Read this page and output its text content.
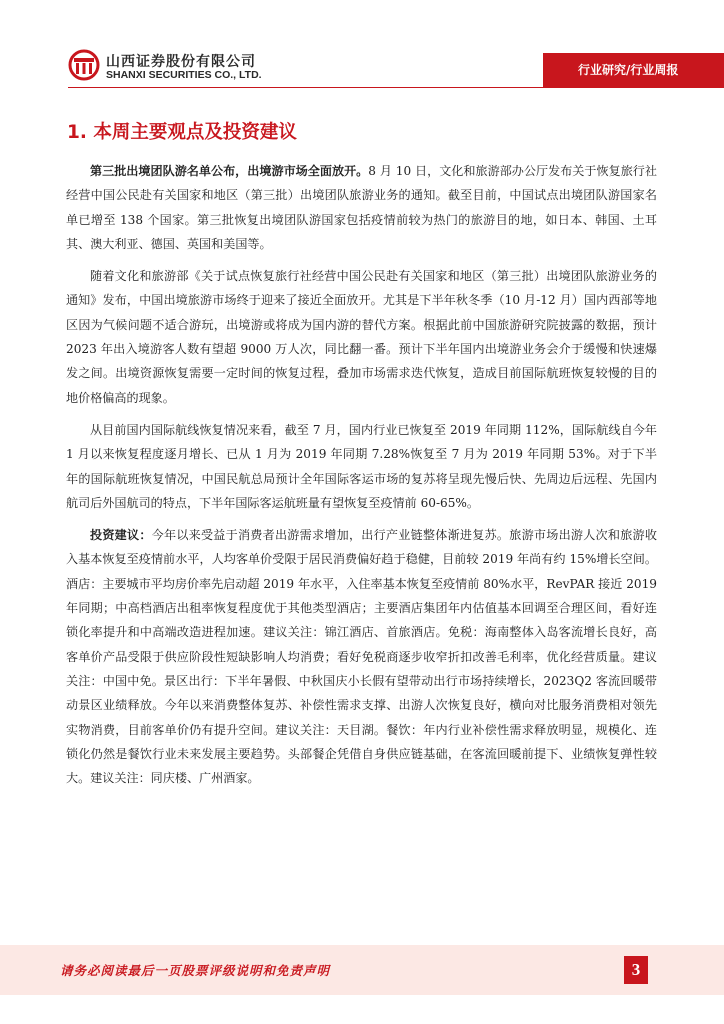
山西证券股份有限公司
SHANXI SECURITIES CO., LTD.	行业研究/行业周报
1. 本周主要观点及投资建议

第三批出境团队游名单公布，出境游市场全面放开。8 月 10 日，文化和旅游部办公厅发布关于恢复旅行社经营中国公民赴有关国家和地区（第三批）出境团队旅游业务的通知。截至目前，中国试点出境团队游国家名单已增至 138 个国家。第三批恢复出境团队游国家包括疫情前较为热门的旅游目的地，如日本、韩国、土耳其、澳大利亚、德国、英国和美国等。

随着文化和旅游部《关于试点恢复旅行社经营中国公民赴有关国家和地区（第三批）出境团队旅游业务的通知》发布，中国出境旅游市场终于迎来了接近全面放开。尤其是下半年秋冬季（10 月-12 月）国内西部等地区因为气候问题不适合游玩，出境游或将成为国内游的替代方案。根据此前中国旅游研究院披露的数据，预计 2023 年出入境游客人数有望超 9000 万人次，同比翻一番。预计下半年国内出境游业务会介于缓慢和快速爆发之间。出境资源恢复需要一定时间的恢复过程，叠加市场需求迭代恢复，造成目前国际航班恢复较慢的目的地价格偏高的现象。

从目前国内国际航线恢复情况来看，截至 7 月，国内行业已恢复至 2019 年同期 112%，国际航线自今年 1 月以来恢复程度逐月增长、已从 1 月为 2019 年同期 7.28%恢复至 7 月为 2019 年同期 53%。对于下半年的国际航班恢复情况，中国民航总局预计全年国际客运市场的复苏将呈现先慢后快、先周边后远程、先国内航司后外国航司的特点，下半年国际客运航班量有望恢复至疫情前 60-65%。

投资建议：今年以来受益于消费者出游需求增加，出行产业链整体渐进复苏。旅游市场出游人次和旅游收入基本恢复至疫情前水平，人均客单价受限于居民消费偏好趋于稳健，目前较 2019 年尚有约 15%增长空间。酒店：主要城市平均房价率先启动超 2019 年水平，入住率基本恢复至疫情前 80%水平，RevPAR 接近 2019 年同期；中高档酒店出租率恢复程度优于其他类型酒店；主要酒店集团年内估值基本回调至合理区间，看好连锁化率提升和中高端改造进程加速。建议关注：锦江酒店、首旅酒店。免税：海南整体入岛客流增长良好，高客单价产品受限于供应阶段性短缺影响人均消费；看好免税商逐步收窄折扣改善毛利率，优化经营质量。建议关注：中国中免。景区出行：下半年暑假、中秋国庆小长假有望带动出行市场持续增长，2023Q2 客流回暖带动景区业绩释放。今年以来消费整体复苏、补偿性需求支撑、出游人次恢复良好，横向对比服务消费相对领先实物消费，目前客单价仍有提升空间。建议关注：天目湖。餐饮：年内行业补偿性需求释放明显，规模化、连锁化仍然是餐饮行业未来发展主要趋势。头部餐企凭借自身供应链基础，在客流回暖前提下、业绩恢复弹性较大。建议关注：同庆楼、广州酒家。

请务必阅读最后一页股票评级说明和免责声明	3
